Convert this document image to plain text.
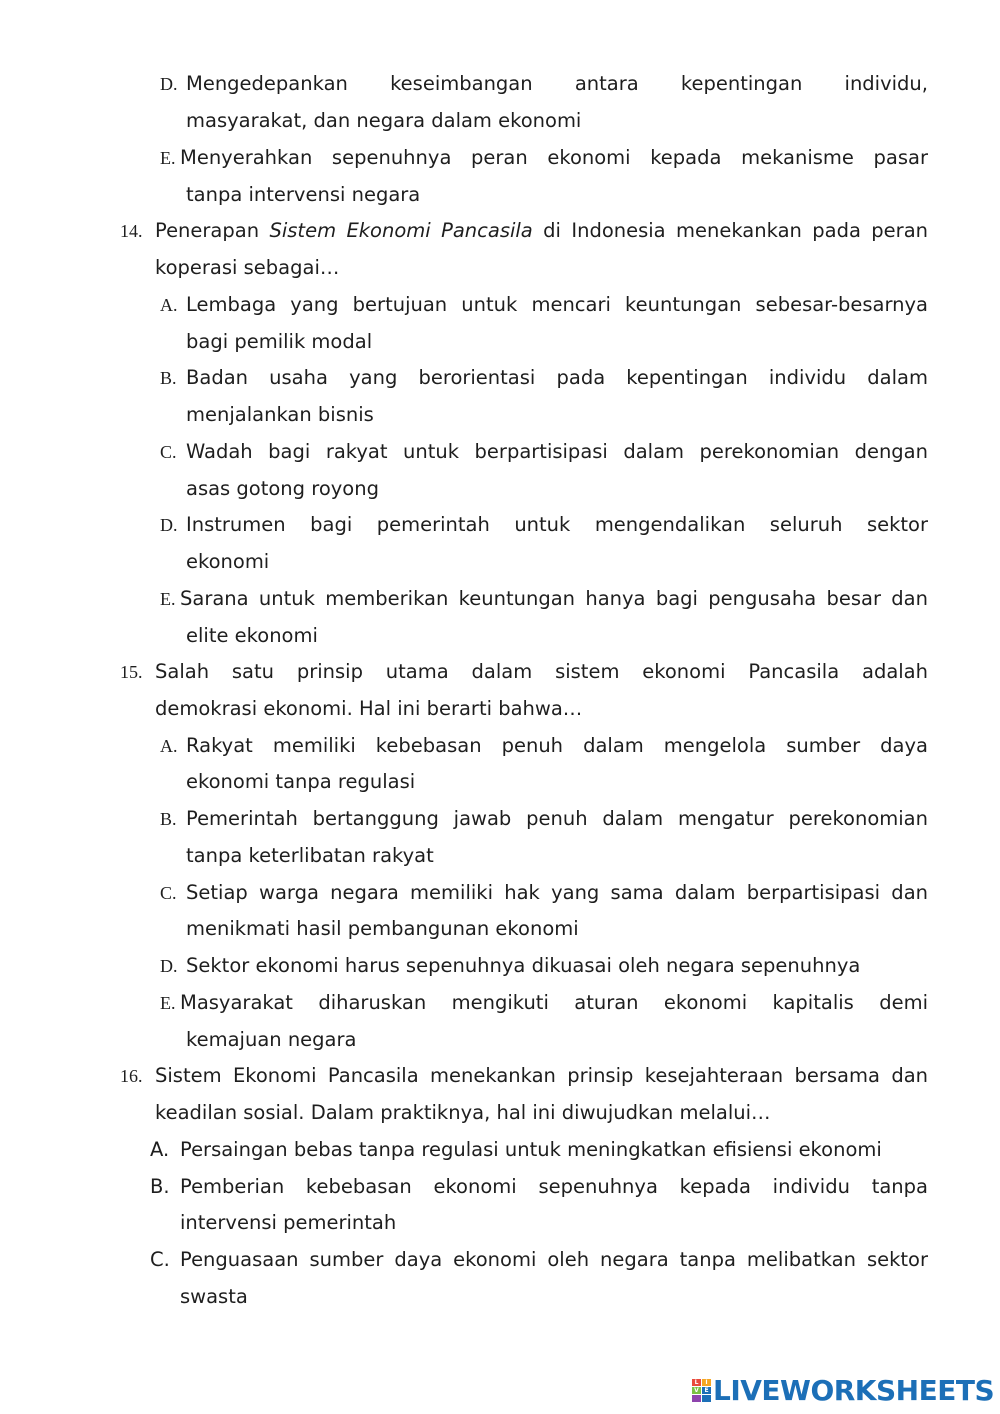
D. Mengedepankan keseimbangan antara kepentingan individu,
masyarakat, dan negara dalam ekonomi
E. Menyerahkan sepenuhnya peran ekonomi kepada mekanisme pasar
tanpa intervensi negara
14. Penerapan Sistem Ekonomi Pancasila di Indonesia menekankan pada peran
koperasi sebagai…
A. Lembaga yang bertujuan untuk mencari keuntungan sebesar-besarnya
bagi pemilik modal
B. Badan usaha yang berorientasi pada kepentingan individu dalam
menjalankan bisnis
C. Wadah bagi rakyat untuk berpartisipasi dalam perekonomian dengan
asas gotong royong
D. Instrumen bagi pemerintah untuk mengendalikan seluruh sektor
ekonomi
E. Sarana untuk memberikan keuntungan hanya bagi pengusaha besar dan
elite ekonomi
15. Salah satu prinsip utama dalam sistem ekonomi Pancasila adalah
demokrasi ekonomi. Hal ini berarti bahwa…
A. Rakyat memiliki kebebasan penuh dalam mengelola sumber daya
ekonomi tanpa regulasi
B. Pemerintah bertanggung jawab penuh dalam mengatur perekonomian
tanpa keterlibatan rakyat
C. Setiap warga negara memiliki hak yang sama dalam berpartisipasi dan
menikmati hasil pembangunan ekonomi
D. Sektor ekonomi harus sepenuhnya dikuasai oleh negara sepenuhnya
E. Masyarakat diharuskan mengikuti aturan ekonomi kapitalis demi
kemajuan negara
16. Sistem Ekonomi Pancasila menekankan prinsip kesejahteraan bersama dan
keadilan sosial. Dalam praktiknya, hal ini diwujudkan melalui…
A. Persaingan bebas tanpa regulasi untuk meningkatkan efisiensi ekonomi
B. Pemberian kebebasan ekonomi sepenuhnya kepada individu tanpa
intervensi pemerintah
C. Penguasaan sumber daya ekonomi oleh negara tanpa melibatkan sektor
swasta
L	I
V E LIVEWORKSHEETS
